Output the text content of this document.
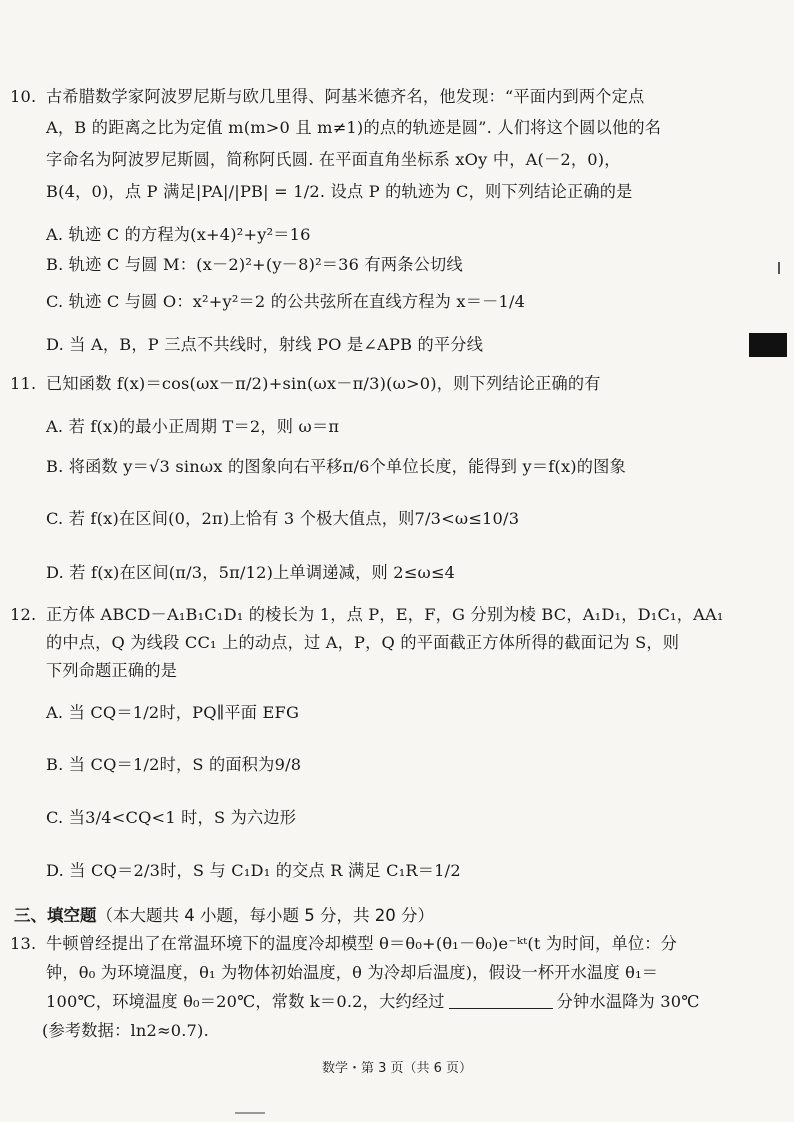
10. 古希腊数学家阿波罗尼斯与欧几里得、阿基米德齐名，他发现：“平面内到两个定点
A，B 的距离之比为定值 m(m>0 且 m≠1)的点的轨迹是圆”. 人们将这个圆以他的名
字命名为阿波罗尼斯圆，简称阿氏圆. 在平面直角坐标系 xOy 中，A(－2，0)，
B(4，0)，点 P 满足|PA|/|PB| = 1/2. 设点 P 的轨迹为 C，则下列结论正确的是
A. 轨迹 C 的方程为(x+4)²+y²＝16
B. 轨迹 C 与圆 M：(x－2)²+(y－8)²＝36 有两条公切线
C. 轨迹 C 与圆 O：x²+y²＝2 的公共弦所在直线方程为 x＝－1/4
D. 当 A，B，P 三点不共线时，射线 PO 是∠APB 的平分线
11. 已知函数 f(x)＝cos(ωx－π/2)+sin(ωx－π/3)(ω>0)，则下列结论正确的有
A. 若 f(x)的最小正周期 T＝2，则 ω＝π
B. 将函数 y＝√3 sinωx 的图象向右平移π/6个单位长度，能得到 y＝f(x)的图象
C. 若 f(x)在区间(0，2π)上恰有 3 个极大值点，则7/3<ω≤10/3
D. 若 f(x)在区间(π/3，5π/12)上单调递减，则 2≤ω≤4
12. 正方体 ABCD－A₁B₁C₁D₁ 的棱长为 1，点 P，E，F，G 分别为棱 BC，A₁D₁，D₁C₁，AA₁
的中点，Q 为线段 CC₁ 上的动点，过 A，P，Q 的平面截正方体所得的截面记为 S，则
下列命题正确的是
A. 当 CQ＝1/2时，PQ∥平面 EFG
B. 当 CQ＝1/2时，S 的面积为9/8
C. 当3/4<CQ<1 时，S 为六边形
D. 当 CQ＝2/3时，S 与 C₁D₁ 的交点 R 满足 C₁R＝1/2
三、填空题（本大题共 4 小题，每小题 5 分，共 20 分）
13. 牛顿曾经提出了在常温环境下的温度冷却模型 θ＝θ₀+(θ₁－θ₀)e⁻ᵏᵗ(t 为时间，单位：分
钟，θ₀ 为环境温度，θ₁ 为物体初始温度，θ 为冷却后温度)，假设一杯开水温度 θ₁＝
100℃，环境温度 θ₀＝20℃，常数 k＝0.2，大约经过	分钟水温降为 30℃
(参考数据：ln2≈0.7).
数学・第 3 页（共 6 页）
